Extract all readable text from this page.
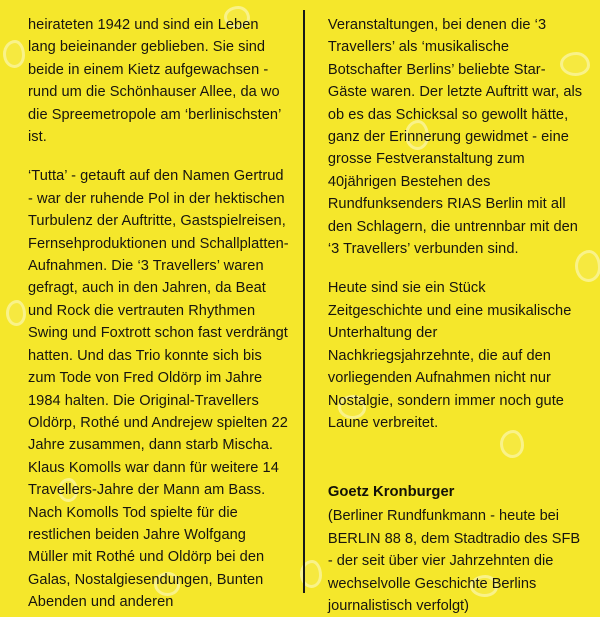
heirateten 1942 und sind ein Leben lang beieinander geblieben. Sie sind beide in einem Kietz aufgewachsen - rund um die Schönhauser Allee, da wo die Spreemetropole am ‘berlinischsten’ ist.

‘Tutta’ - getauft auf den Namen Gertrud - war der ruhende Pol in der hektischen Turbulenz der Auftritte, Gastspielreisen, Fernsehproduktionen und Schallplatten-Aufnahmen. Die ‘3 Travellers’ waren gefragt, auch in den Jahren, da Beat und Rock die vertrauten Rhythmen Swing und Foxtrott schon fast verdrängt hatten. Und das Trio konnte sich bis zum Tode von Fred Oldörp im Jahre 1984 halten. Die Original-Travellers Oldörp, Rothé und Andrejew spielten 22 Jahre zusammen, dann starb Mischa. Klaus Komolls war dann für weitere 14 Travellers-Jahre der Mann am Bass. Nach Komolls Tod spielte für die restlichen beiden Jahre Wolfgang Müller mit Rothé und Oldörp bei den Galas, Nostalgiesendungen, Bunten Abenden und anderen

Veranstaltungen, bei denen die ‘3 Travellers’ als ‘musikalische Botschafter Berlins’ beliebte Star-Gäste waren. Der letzte Auftritt war, als ob es das Schicksal so gewollt hätte, ganz der Erinnerung gewidmet - eine grosse Festveranstaltung zum 40jährigen Bestehen des Rundfunksenders RIAS Berlin mit all den Schlagern, die untrennbar mit den ‘3 Travellers’ verbunden sind.

Heute sind sie ein Stück Zeitgeschichte und eine musikalische Unterhaltung der Nachkriegsjahrzehnte, die auf den vorliegenden Aufnahmen nicht nur Nostalgie, sondern immer noch gute Laune verbreitet.

Goetz Kronburger

(Berliner Rundfunkmann - heute bei BERLIN 88 8, dem Stadtradio des SFB - der seit über vier Jahrzehnten die wechselvolle Geschichte Berlins journalistisch verfolgt)
